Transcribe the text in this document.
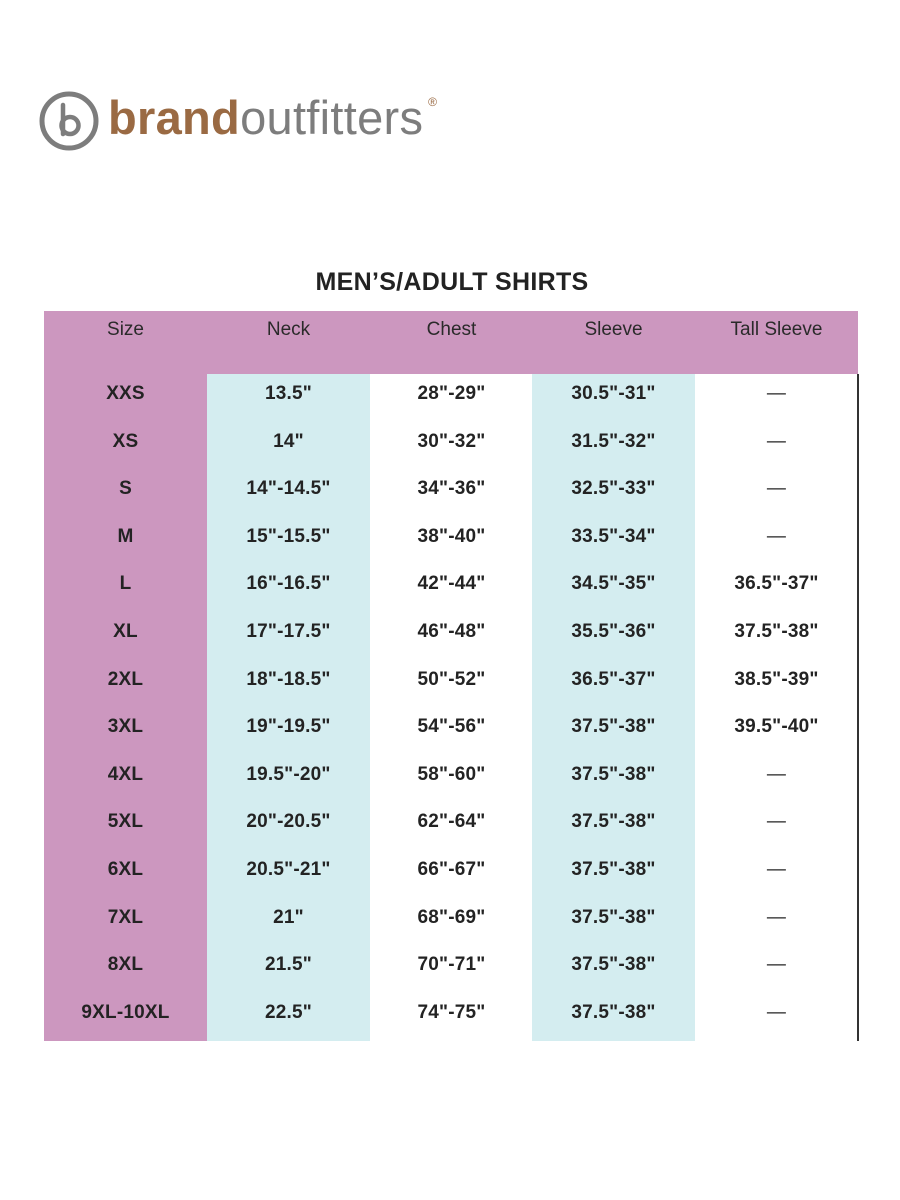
brandoutfitters ®
MEN’S/ADULT SHIRTS
Size	Neck	Chest	Sleeve	Tall Sleeve
XXS	13.5"	28"-29"	30.5"-31"	—
XS	14"	30"-32"	31.5"-32"	—
S	14"-14.5"	34"-36"	32.5"-33"	—
M	15"-15.5"	38"-40"	33.5"-34"	—
L	16"-16.5"	42"-44"	34.5"-35"	36.5"-37"
XL	17"-17.5"	46"-48"	35.5"-36"	37.5"-38"
2XL	18"-18.5"	50"-52"	36.5"-37"	38.5"-39"
3XL	19"-19.5"	54"-56"	37.5"-38"	39.5"-40"
4XL	19.5"-20"	58"-60"	37.5"-38"	—
5XL	20"-20.5"	62"-64"	37.5"-38"	—
6XL	20.5"-21"	66"-67"	37.5"-38"	—
7XL	21"	68"-69"	37.5"-38"	—
8XL	21.5"	70"-71"	37.5"-38"	—
9XL-10XL	22.5"	74"-75"	37.5"-38"	—
